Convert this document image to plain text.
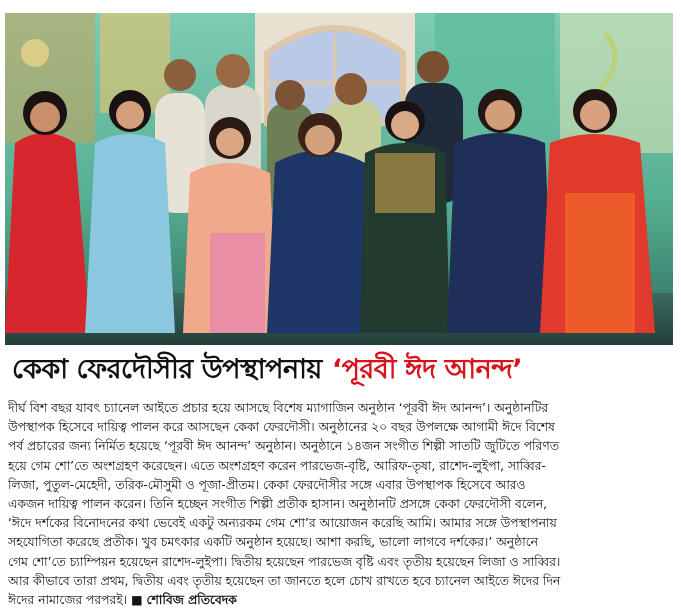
কেকা ফেরদৌসীর উপস্থাপনায় ‘পূরবী ঈদ আনন্দ’
দীর্ঘ বিশ বছর যাবৎ চ্যানেল আইতে প্রচার হয়ে আসছে বিশেষ ম্যাগাজিন অনুষ্ঠান ‘পূরবী ঈদ আনন্দ’। অনুষ্ঠানটির
উপস্থাপক হিসেবে দায়িত্ব পালন করে আসছেন কেকা ফেরদৌসী। অনুষ্ঠানের ২০ বছর উপলক্ষে আগামী ঈদে বিশেষ
পর্ব প্রচারের জন্য নির্মিত হয়েছে ‘পূরবী ঈদ আনন্দ’ অনুষ্ঠান। অনুষ্ঠানে ১৪জন সংগীত শিল্পী সাতটি জুটিতে পরিণত
হয়ে গেম শো’তে অংশগ্রহণ করেছেন। এতে অংশগ্রহণ করেন পারভেজ-বৃষ্টি, আরিফ-তৃষা, রাশেদ-লুইপা, সাব্বির-
লিজা, পুতুল-মেহেদী, তরিক-মৌসুমী ও পূজা-প্রীতম। কেকা ফেরদৌসীর সঙ্গে এবার উপস্থাপক হিসেবে আরও
একজন দায়িত্ব পালন করেন। তিনি হচ্ছেন সংগীত শিল্পী প্রতীক হাসান। অনুষ্ঠানটি প্রসঙ্গে কেকা ফেরদৌসী বলেন,
‘ঈদে দর্শকের বিনোদনের কথা ভেবেই একটু অন্যরকম গেম শো’র আয়োজন করেছি আমি। আমার সঙ্গে উপস্থাপনায়
সহযোগিতা করেছে প্রতীক। খুব চমৎকার একটি অনুষ্ঠান হয়েছে। আশা করছি, ভালো লাগবে দর্শকের।’ অনুষ্ঠানে
গেম শো’তে চ্যাম্পিয়ন হয়েছেন রাশেদ-লুইপা। দ্বিতীয় হয়েছেন পারভেজ বৃষ্টি এবং তৃতীয় হয়েছেন লিজা ও সাব্বির।
আর কীভাবে তারা প্রথম, দ্বিতীয় এবং তৃতীয় হয়েছেন তা জানতে হলে চোখ রাখতে হবে চ্যানেল আইতে ঈদের দিন
ঈদের নামাজের পরপরই। ■ শোবিজ প্রতিবেদক
